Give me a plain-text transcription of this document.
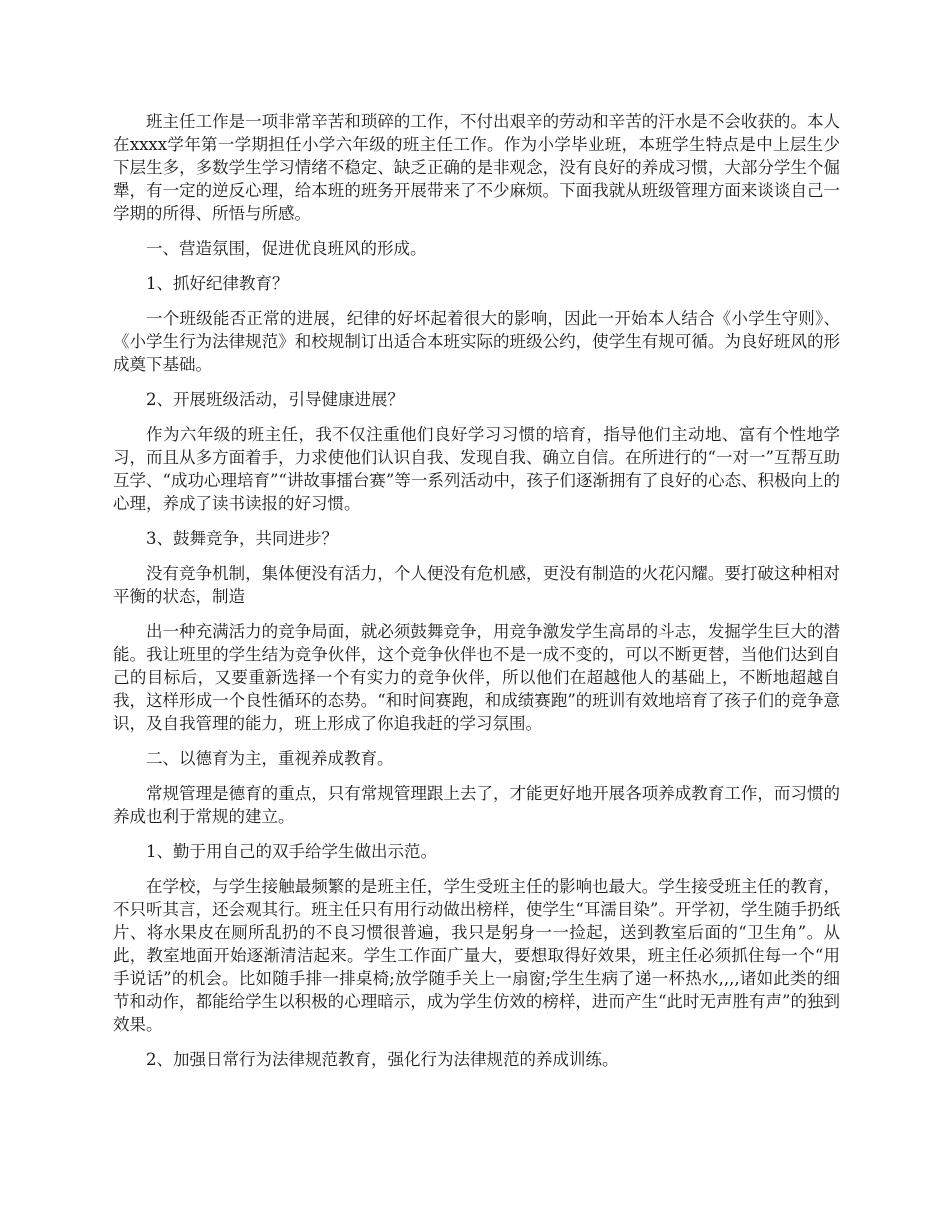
班主任工作是一项非常辛苦和琐碎的工作，不付出艰辛的劳动和辛苦的汗水是不会收获的。本人在xxxx学年第一学期担任小学六年级的班主任工作。作为小学毕业班，本班学生特点是中上层生少下层生多，多数学生学习情绪不稳定、缺乏正确的是非观念，没有良好的养成习惯，大部分学生个倔犟，有一定的逆反心理，给本班的班务开展带来了不少麻烦。下面我就从班级管理方面来谈谈自己一学期的所得、所悟与所感。

一、营造氛围，促进优良班风的形成。

1、抓好纪律教育？

一个班级能否正常的进展，纪律的好坏起着很大的影响，因此一开始本人结合《小学生守则》、《小学生行为法律规范》和校规制订出适合本班实际的班级公约，使学生有规可循。为良好班风的形成奠下基础。

2、开展班级活动，引导健康进展？

作为六年级的班主任，我不仅注重他们良好学习习惯的培育，指导他们主动地、富有个性地学习，而且从多方面着手，力求使他们认识自我、发现自我、确立自信。在所进行的“一对一”互帮互助互学、“成功心理培育”“讲故事擂台赛”等一系列活动中，孩子们逐渐拥有了良好的心态、积极向上的心理，养成了读书读报的好习惯。

3、鼓舞竞争，共同进步？

没有竞争机制，集体便没有活力，个人便没有危机感，更没有制造的火花闪耀。要打破这种相对平衡的状态，制造

出一种充满活力的竞争局面，就必须鼓舞竞争，用竞争激发学生高昂的斗志，发掘学生巨大的潜能。我让班里的学生结为竞争伙伴，这个竞争伙伴也不是一成不变的，可以不断更替，当他们达到自己的目标后，又要重新选择一个有实力的竞争伙伴，所以他们在超越他人的基础上，不断地超越自我，这样形成一个良性循环的态势。“和时间赛跑，和成绩赛跑”的班训有效地培育了孩子们的竞争意识，及自我管理的能力，班上形成了你追我赶的学习氛围。

二、以德育为主，重视养成教育。

常规管理是德育的重点，只有常规管理跟上去了，才能更好地开展各项养成教育工作，而习惯的养成也利于常规的建立。

1、勤于用自己的双手给学生做出示范。

在学校，与学生接触最频繁的是班主任，学生受班主任的影响也最大。学生接受班主任的教育，不只听其言，还会观其行。班主任只有用行动做出榜样，使学生“耳濡目染”。开学初，学生随手扔纸片、将水果皮在厕所乱扔的不良习惯很普遍，我只是躬身一一捡起，送到教室后面的“卫生角”。从此，教室地面开始逐渐清洁起来。学生工作面广量大，要想取得好效果，班主任必须抓住每一个“用手说话”的机会。比如随手排一排桌椅;放学随手关上一扇窗;学生生病了递一杯热水,,,,诸如此类的细节和动作，都能给学生以积极的心理暗示，成为学生仿效的榜样，进而产生“此时无声胜有声”的独到效果。

2、加强日常行为法律规范教育，强化行为法律规范的养成训练。
